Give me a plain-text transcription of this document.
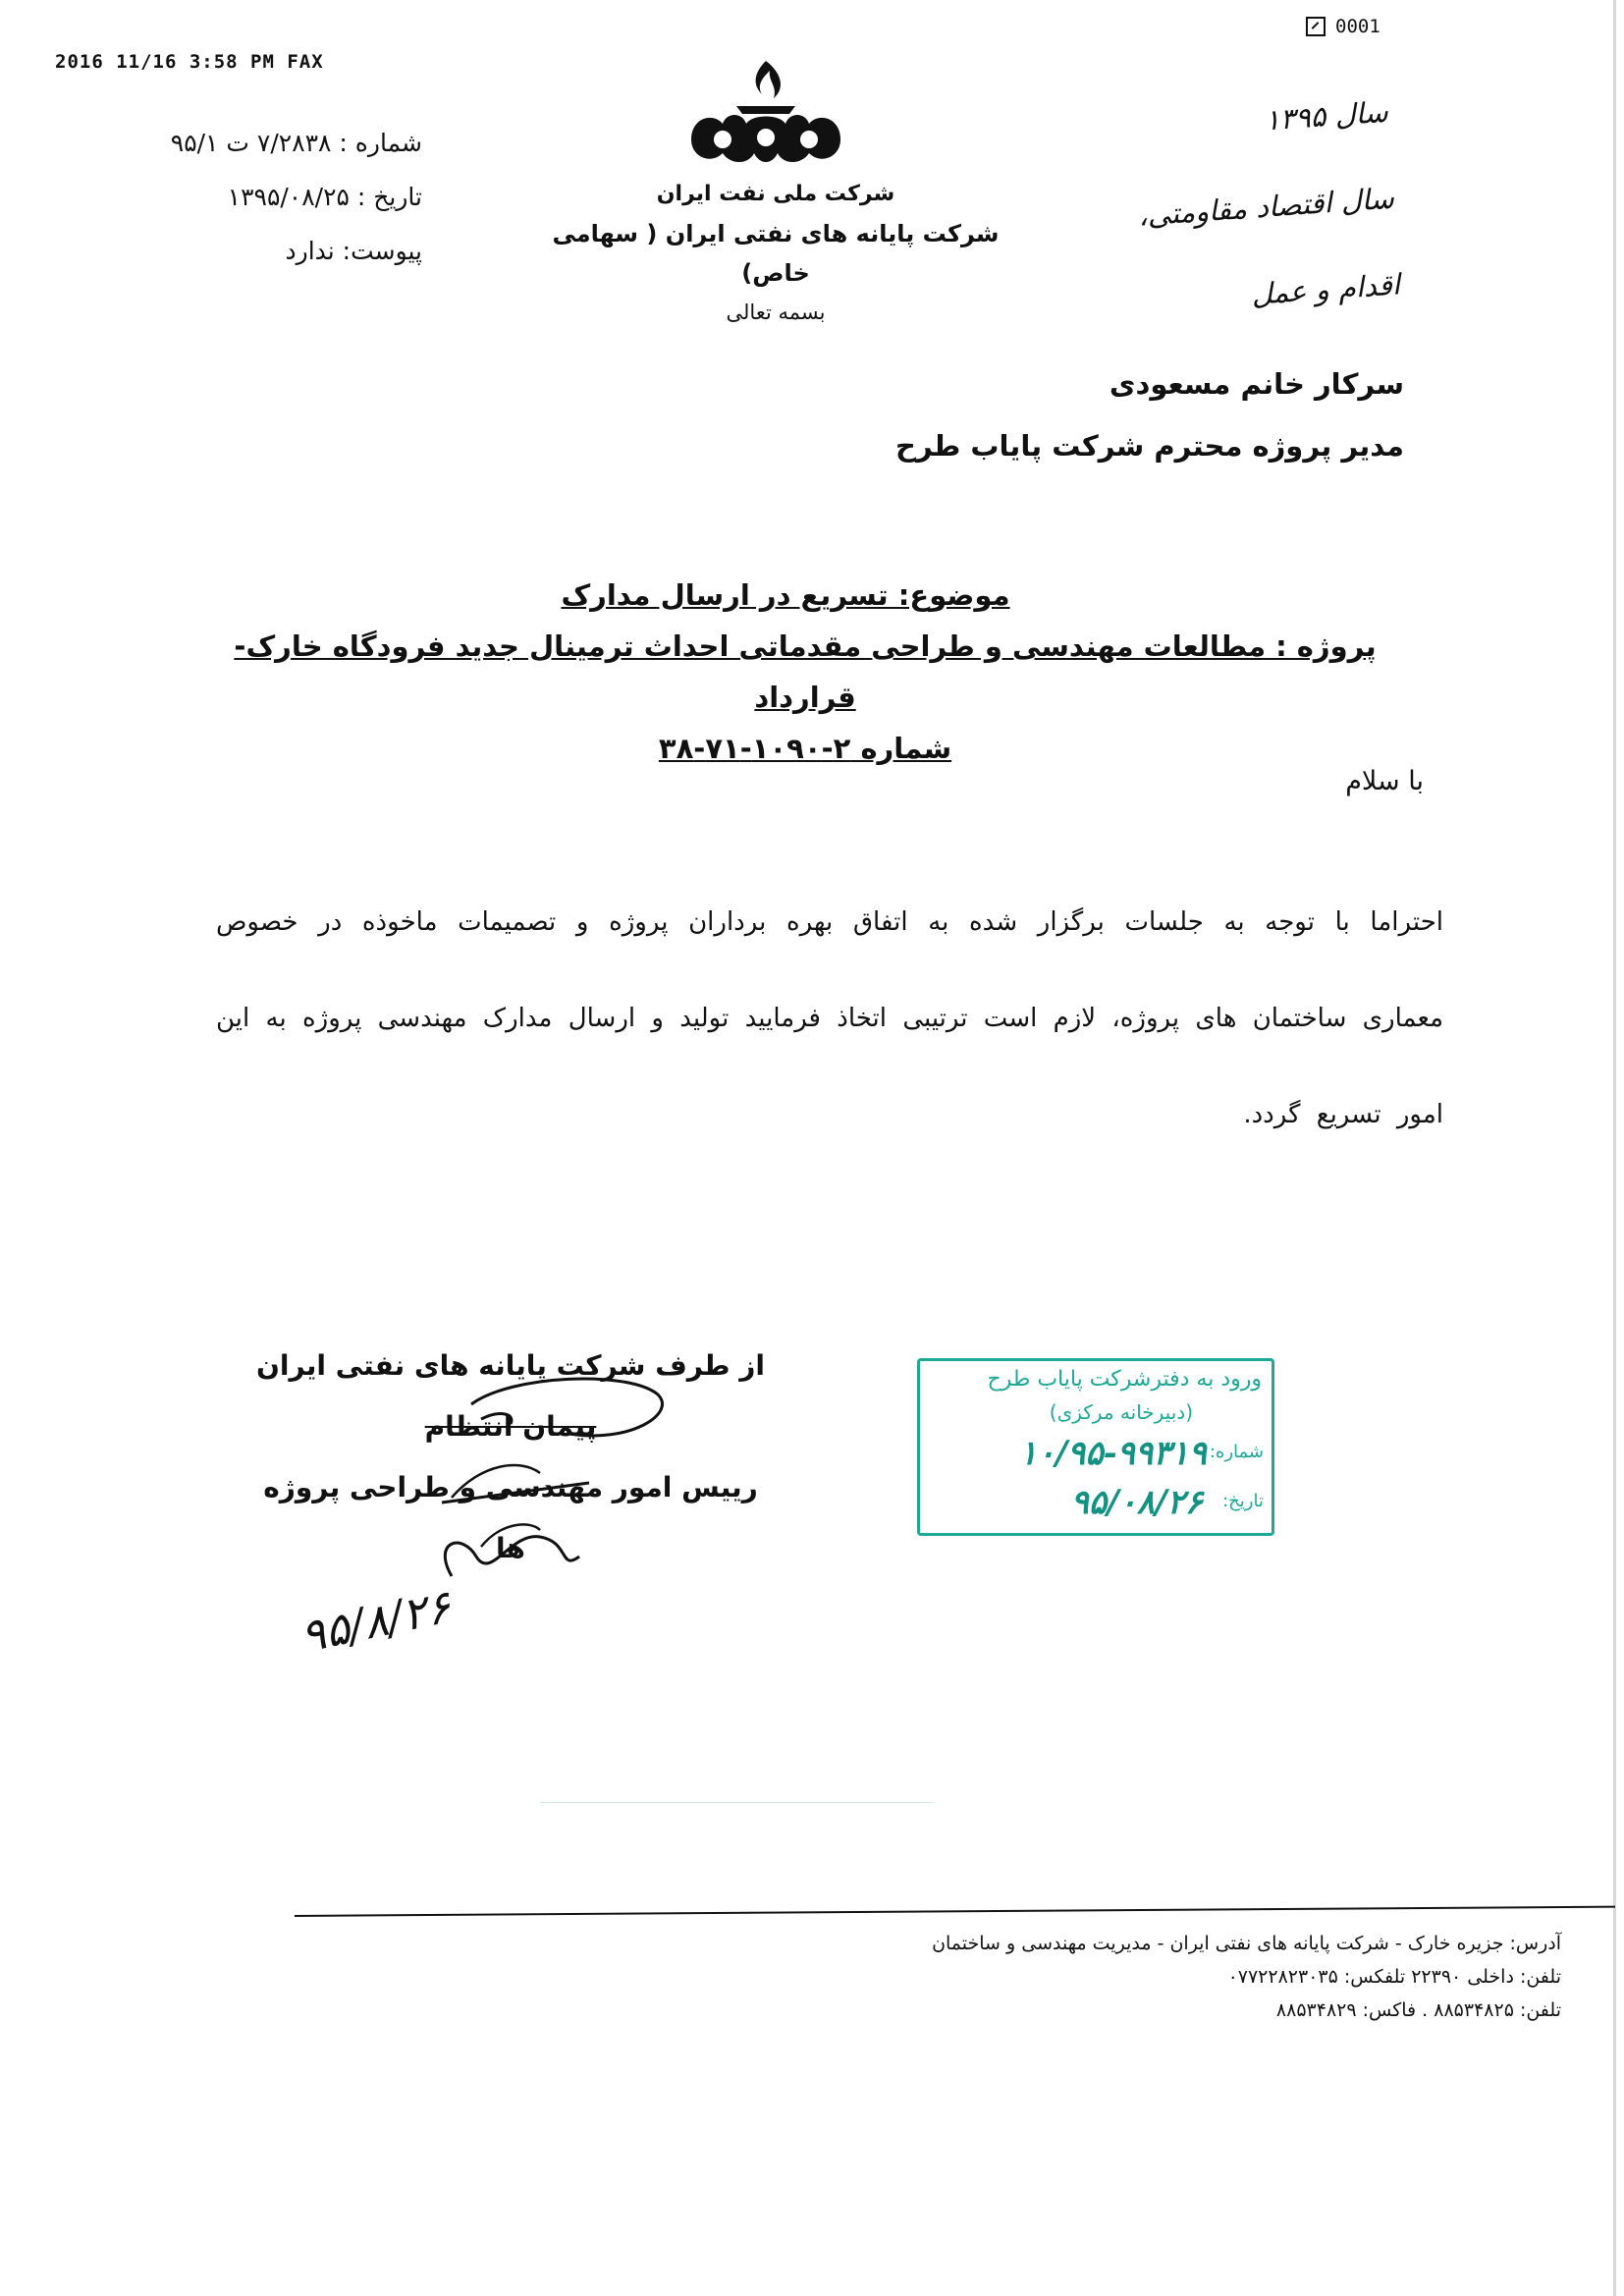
2016 11/16 3:58 PM FAX
0001
شماره : ۷/۲۸۳۸ ت ۹۵/۱
تاریخ : ۱۳۹۵/۰۸/۲۵
پیوست: ندارد
شرکت ملی نفت ایران
شرکت پایانه های نفتی ایران ( سهامی خاص)
بسمه تعالی
سال ۱۳۹۵
سال اقتصاد مقاومتی، اقدام و عمل
سرکار خانم مسعودی
مدیر پروژه محترم شرکت پایاب طرح
موضوع: تسریع در ارسال مدارک
پروژه : مطالعات مهندسی و طراحی مقدماتی احداث ترمینال جدید فرودگاه خارک- قرارداد
شماره ۲-۱۰۹۰-۷۱-۳۸
با سلام
احتراما با توجه به جلسات برگزار شده به اتفاق بهره برداران پروژه و تصمیمات ماخوذه در خصوص معماری ساختمان های پروژه، لازم است ترتیبی اتخاذ فرمایید تولید و ارسال مدارک مهندسی پروژه به این امور تسریع گردد.
از طرف شرکت پایانه های نفتی ایران
پیمان انتظام
رییس امور مهندسی و طراحی پروژه ها
۹۵/۸/۲۶
ورود به دفترشرکت پایاب طرح
(دبیرخانه مرکزی)
شماره:
۱۰/۹۵-۹۹۳۱۹
تاریخ:
۹۵/۰۸/۲۶
آدرس: جزیره خارک - شرکت پایانه های نفتی ایران - مدیریت مهندسی و ساختمان
تلفن: داخلی ۲۲۳۹۰ تلفکس: ۰۷۷۲۲۸۲۳۰۳۵
تلفن: ۸۸۵۳۴۸۲۵ . فاکس: ۸۸۵۳۴۸۲۹
